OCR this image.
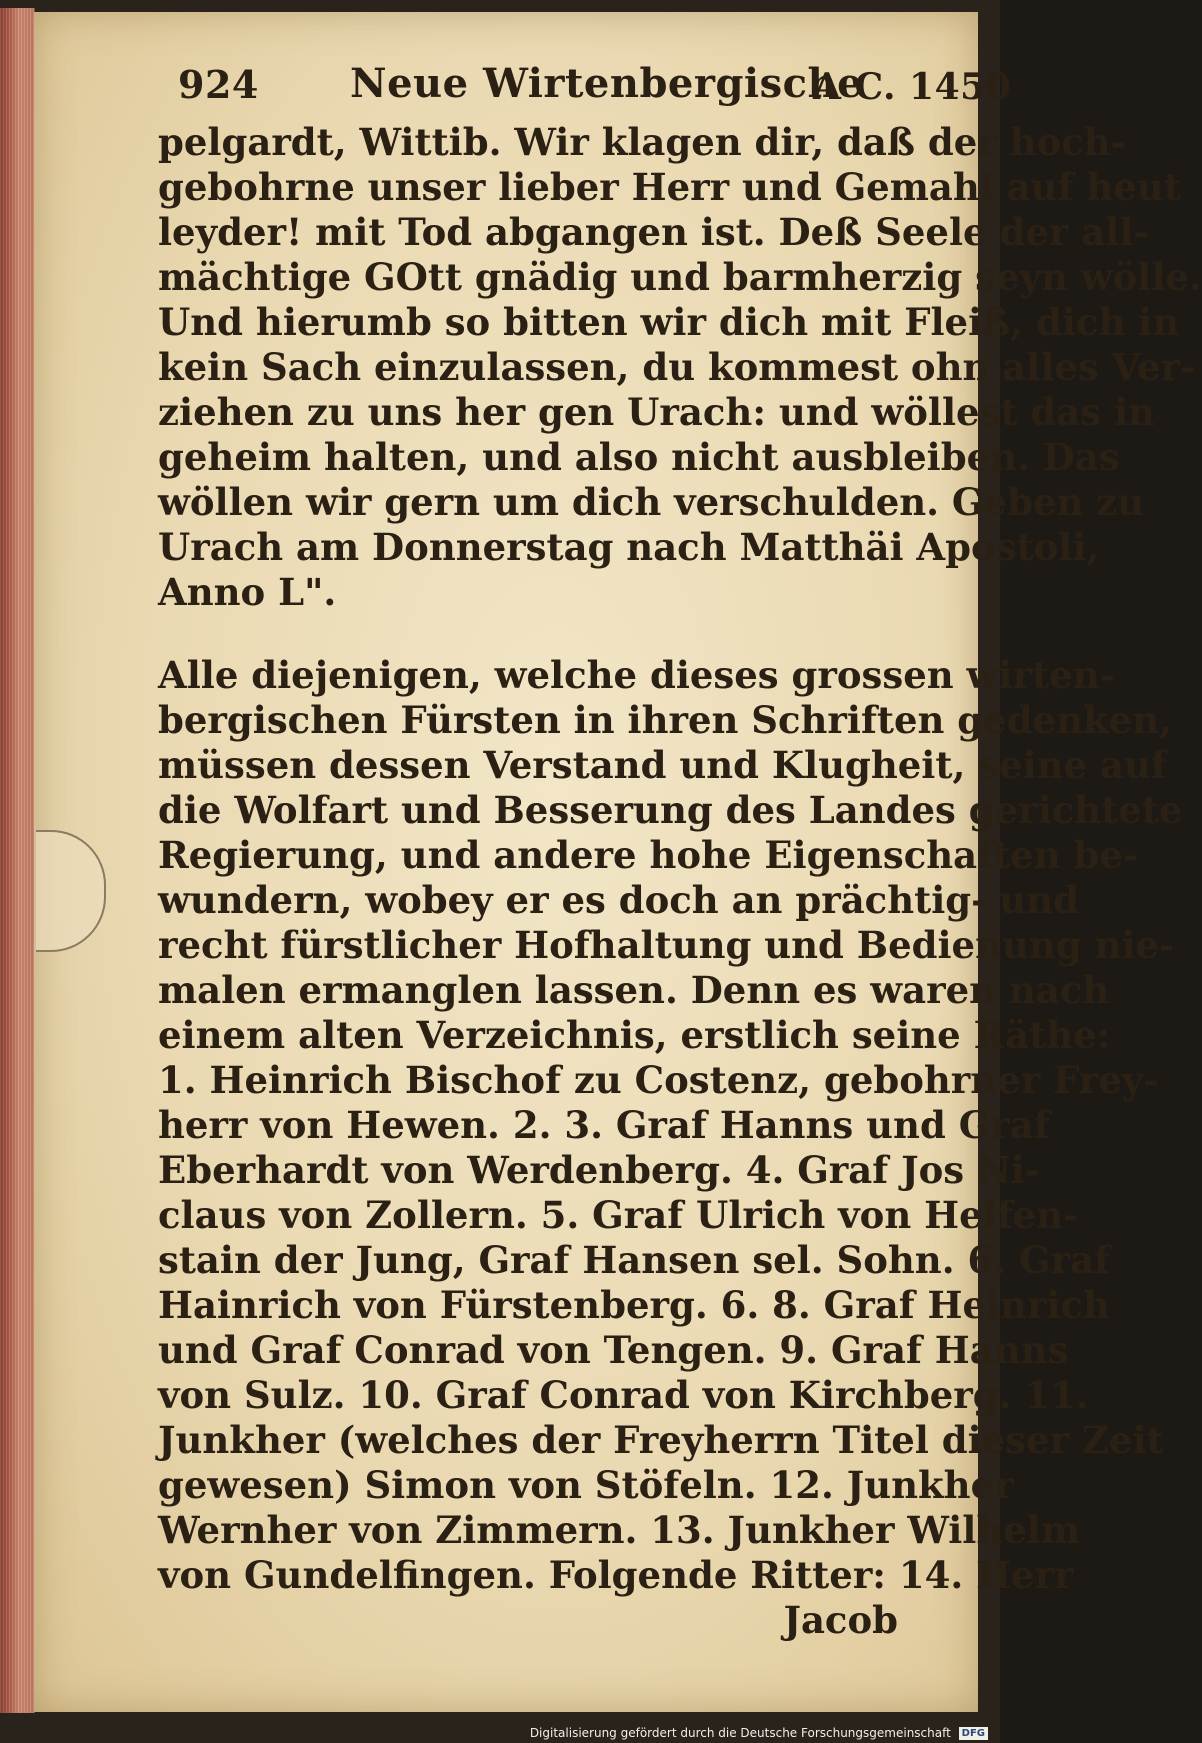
924 Neue Wirtenbergische
A C. 1450

pelgardt, Wittib. Wir klagen dir, daß der hoch-
gebohrne unser lieber Herr und Gemahl auf heut
leyder! mit Tod abgangen ist. Deß Seele der all-
mächtige GOtt gnädig und barmherzig seyn wölle.
Und hierumb so bitten wir dich mit Fleiß, dich in
kein Sach einzulassen, du kommest ohn alles Ver-
ziehen zu uns her gen Urach: und wöllest das in
geheim halten, und also nicht ausbleiben. Das
wöllen wir gern um dich verschulden. Geben zu
Urach am Donnerstag nach Matthäi Apostoli,
Anno L".

Alle diejenigen, welche dieses grossen wirten-
bergischen Fürsten in ihren Schriften gedenken,
müssen dessen Verstand und Klugheit, seine auf
die Wolfart und Besserung des Landes gerichtete
Regierung, und andere hohe Eigenschaften be-
wundern, wobey er es doch an prächtig- und
recht fürstlicher Hofhaltung und Bedienung nie-
malen ermanglen lassen. Denn es waren nach
einem alten Verzeichnis, erstlich seine Räthe:
1. Heinrich Bischof zu Costenz, gebohrner Frey-
herr von Hewen. 2. 3. Graf Hanns und Graf
Eberhardt von Werdenberg. 4. Graf Jos Ni-
claus von Zollern. 5. Graf Ulrich von Helfen-
stain der Jung, Graf Hansen sel. Sohn. 6. Graf
Hainrich von Fürstenberg. 6. 8. Graf Heinrich
und Graf Conrad von Tengen. 9. Graf Hanns
von Sulz. 10. Graf Conrad von Kirchberg. 11.
Junkher (welches der Freyherrn Titel dieser Zeit
gewesen) Simon von Stöfeln. 12. Junkher
Wernher von Zimmern. 13. Junkher Wilhelm
von Gundelfingen. Folgende Ritter: 14. Herr

Jacob
Digitalisierung gefördert durch die Deutsche Forschungsgemeinschaft DFG
